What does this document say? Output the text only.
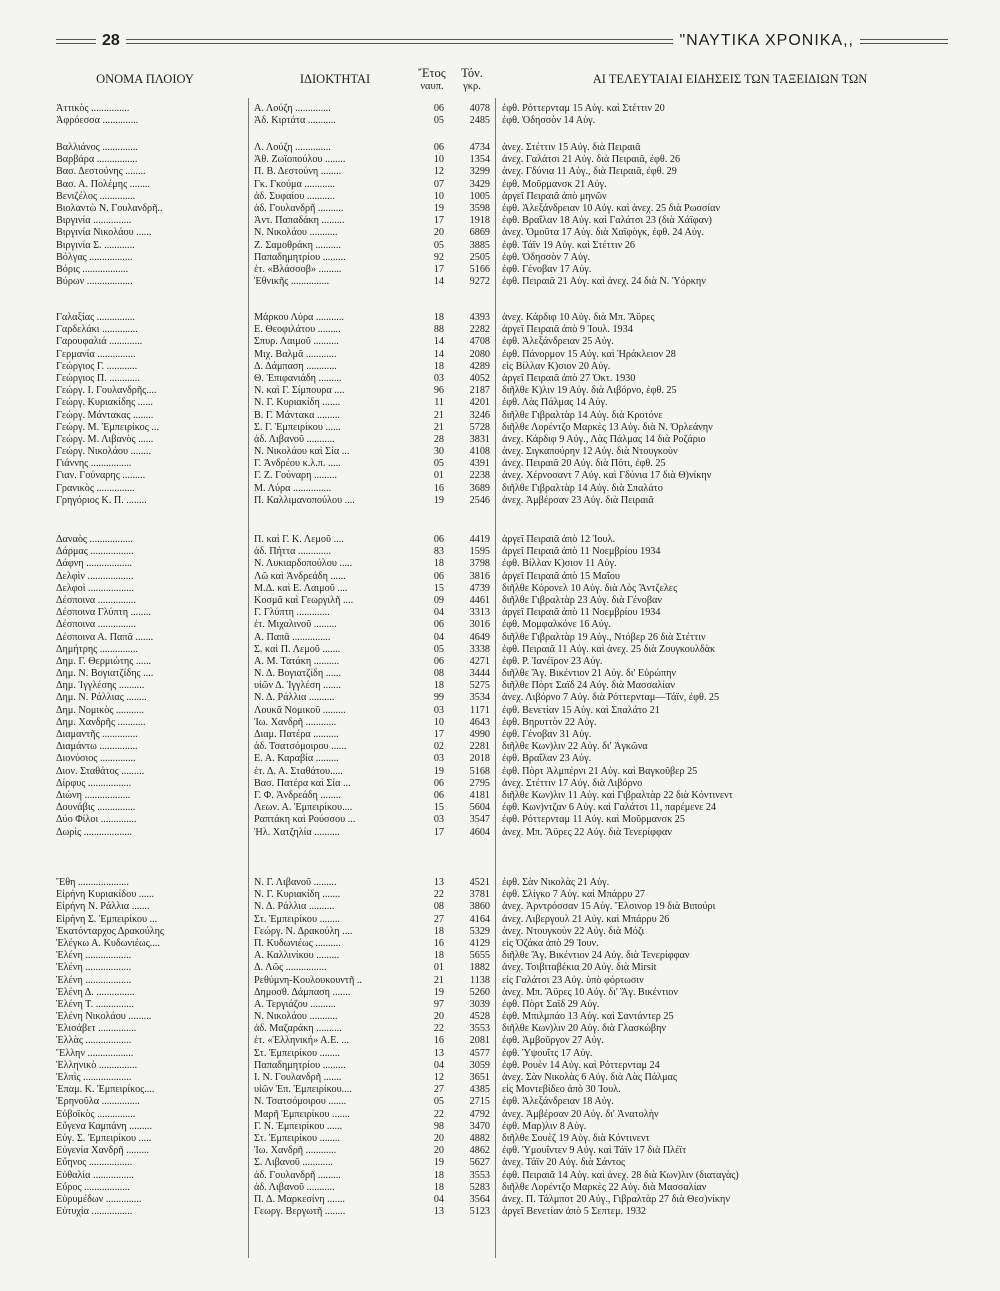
28	"ΝΑΥΤΙΚΑ ΧΡΟΝΙΚΑ,,
ΟΝΟΜΑ ΠΛΟΙΟΥ	ΙΔΙΟΚΤΗΤΑΙ	Ἔτος
ναυπ.
Τόν.
γκρ.
ΑΙ ΤΕΛΕΥΤΑΙΑΙ ΕΙΔΗΣΕΙΣ ΤΩΝ ΤΑΞΕΙΔΙΩΝ ΤΩΝ
Ἀττικὸς ...............	Α. Λούζη ..............	06	4078 ἐφθ. Ρόττερνταμ 15 Αὐγ. καὶ Στέττιν 20
Ἀφρόεσσα ..............	Ἀδ. Κιρτάτα ...........	05	2485 ἐφθ. Ὀδησσὸν 14 Αὐγ.
Βαλλιάνος ..............	Λ. Λούζη ..............	06	4734 ἀνεχ. Στέττιν 15 Αὐγ. διὰ Πειραιᾶ
Βαρβάρα ................	Ἀθ. Ζωϊοπούλου ........	10	1354 ἀνεχ. Γαλάτσι 21 Αὐγ. διὰ Πειραιᾶ, ἐφθ. 26
Βασ. Δεστούνης ........	Π. Β. Δεστούνη ........	12	3299 ἀνεχ. Γδύνια 11 Αὐγ., διὰ Πειραιᾶ, ἐφθ. 29
Βασ. Α. Πολέμης ........	Γκ. Γκούμα ............	07	3429 ἐφθ. Μοῦρμανσκ 21 Αὐγ.
Βενιζέλος ..............	ἀδ. Συφαίου ...........	10	1005 ἀργεῖ Πειραιᾶ ἀπὸ μηνῶν
Βιολαντὼ Ν. Γουλανδρῆ..	ἀδ. Γουλανδρῆ ..........	19	3598 ἐφθ. Ἀλεξάνδρειαν 10 Αὐγ. καὶ ἀνεχ. 25 διὰ Ρωσσίαν
Βιργινία ...............	Ἀντ. Παπαδάκη .........	17	1918 ἐφθ. Βραΐλαν 18 Αὐγ. καὶ Γαλάτσι 23 (διὰ Χάϊφαν)
Βιργινία Νικολάου ......	Ν. Νικολάου ...........	20	6869 ἀνεχ. Ὀμοῦτα 17 Αὐγ. διὰ Χαϊφὸγκ, ἐφθ. 24 Αὐγ.
Βιργινία Σ. ............	Ζ. Σαμοθράκη ..........	05	3885 ἐφθ. Τάϊν 19 Αὐγ. καὶ Στέττιν 26
Βόλγας .................	Παπαδημητρίου .........	92	2505 ἐφθ. Ὀδησσὸν 7 Αὐγ.
Βόρις ..................	ἑτ. «Βλάσσοβ» .........	17	5166 ἐφθ. Γένοβαν 17 Αὐγ.
Βύρων ..................	Ἐθνικῆς ...............	14	9272 ἐφθ. Πειραιᾶ 21 Αὐγ. καὶ ἀνεχ. 24 διὰ Ν. Ὑόρκην
Γαλαξίας ...............	Μάρκου Λύρα ...........	18	4393 ἀνεχ. Κάρδιφ 10 Αὐγ. διὰ Μπ. Ἄϋρες
Γαρδελάκι ..............	Ε. Θεοφιλάτου .........	88	2282 ἀργεῖ Πειραιᾶ ἀπὸ 9 Ἰουλ. 1934
Γαρουφαλιά .............	Σπυρ. Λαιμοῦ ..........	14	4708 ἐφθ. Ἀλεξάνδρειαν 25 Αὐγ.
Γερμανία ...............	Μιχ. Βαλμᾶ ............	14	2080 ἐφθ. Πάνορμον 15 Αὐγ. καὶ Ἡράκλειον 28
Γεώργιος Γ. ............	Δ. Δάμπαση ............	18	4289 εἰς Βίλλαν Κ)σιον 20 Αὐγ.
Γεώργιος Π. ............	Θ. Ἐπιφανιάδη .........	03	4052 ἀργεῖ Πειραιᾶ ἀπὸ 27 Ὀκτ. 1930
Γεώργ. Ι. Γουλανδρῆς....	Ν. καὶ Γ. Σίμπουρα ....	96	2187 διῆλθε Κ)λιν 19 Αὐγ. διὰ Λιβόρνο, ἐφθ. 25
Γεώργ. Κυριακίδης ......	Ν. Γ. Κυριακίδη .......	11	4201 ἐφθ. Λὰς Πάλμας 14 Αὐγ.
Γεώργ. Μάντακας ........	Β. Γ. Μάντακα .........	21	3246 διῆλθε Γιβραλτὰρ 14 Αὐγ. διὰ Κροτόνε
Γεώργ. Μ. Ἐμπειρίκος ...	Σ. Γ. Ἐμπειρίκου ......	21	5728 διῆλθε Λορέντζο Μαρκὲς 13 Αὐγ. διὰ Ν. Ὀρλεάνην
Γεώργ. Μ. Λιβανὸς ......	ἀδ. Λιβανοῦ ...........	28	3831 ἀνεχ. Κάρδιφ 9 Αὐγ., Λὰς Πάλμας 14 διὰ Ροζάριο
Γεώργ. Νικολάου ........	Ν. Νικολάου καὶ Σία ...	30	4108 ἀνεχ. Σιγκαπούρην 12 Αὐγ. διὰ Ντουγκοὺν
Γιάννης ................	Γ. Ἀνδρέου κ.λ.π. .....	05	4391 ἀνεχ. Πειραιᾶ 20 Αὐγ. διὰ Πότι, ἐφθ. 25
Γιαν. Γούναρης .........	Γ. Ζ. Γούναρη .........	01	2238 ἀνεχ. Χέρνοσαντ 7 Αὐγ. καὶ Γδύνια 17 διὰ Θ)νίκην
Γρανικὸς ...............	Μ. Λύρα ...............	16	3689 διῆλθε Γιβραλτὰρ 14 Αὐγ. διὰ Σπαλάτο
Γρηγόριος Κ. Π. ........	Π. Καλλιμανοπούλου ....	19	2546 ἀνεχ. Ἀμβέρσαν 23 Αὐγ. διὰ Πειραιᾶ
Δαναὸς .................	Π. καὶ Γ. Κ. Λεμοῦ ....	06	4419 ἀργεῖ Πειραιᾶ ἀπὸ 12 Ἰουλ.
Δάρμας .................	ἀδ. Πήττα .............	83	1595 ἀργεῖ Πειραιᾶ ἀπὸ 11 Νοεμβρίου 1934
Δάφνη ..................	Ν. Λυκιαρδοπούλου .....	18	3798 ἐφθ. Βίλλαν Κ)σιον 11 Αὐγ.
Δελφὶν ..................	Λῶ καὶ Ἀνδρεάδη ......	06	3816 ἀργεῖ Πειραιᾶ ἀπὸ 15 Μαΐου
Δελφοὶ ..................	Μ.Δ. καὶ Ε. Λαιμοῦ ....	15	4739 διῆλθε Κόρονελ 10 Αὐγ. διὰ Λὸς Ἄντζελες
Δέσποινα ...............	Κοσμᾶ καὶ Γεωργιλῆ ....	09	4461 διῆλθε Γιβραλτὰρ 23 Αὐγ. διὰ Γένοβαν
Δέσποινα Γλύπτη ........	Γ. Γλύπτη .............	04	3313 ἀργεῖ Πειραιᾶ ἀπὸ 11 Νοεμβρίου 1934
Δέσποινα ...............	ἑτ. Μιχαλινοῦ .........	06	3016 ἐφθ. Μομφαλκόνε 16 Αὐγ.
Δέσποινα Α. Παπᾶ .......	Α. Παπᾶ ...............	04	4649 διῆλθε Γιβραλτὰρ 19 Αὐγ., Ντόβερ 26 διὰ Στέττιν
Δημήτρης ...............	Σ. καὶ Π. Λεμοῦ .......	05	3338 ἐφθ. Πειραιᾶ 11 Αὐγ. καὶ ἀνεχ. 25 διὰ Ζουγκουλδὰκ
Δημ. Γ. Θερμιώτης ......	Α. Μ. Τατάκη ..........	06	4271 ἐφθ. Ρ. Ἰανέϊρον 23 Αὐγ.
Δημ. Ν. Βογιατζίδης ....	Ν. Δ. Βογιατζίδη ......	08	3444 διῆλθε Ἅγ. Βικέντιον 21 Αὐγ. δι' Εὐρώπην
Δημ. Ἰγγλέσης ..........	υἱῶν Δ. Ἰγγλέση .......	18	5275 διῆλθε Πὸρτ Σαϊδ 24 Αὐγ. διὰ Μασσαλίαν
Δημ. Ν. Ράλλιας ........	Ν. Δ. Ράλλια ..........	99	3534 ἀνεχ. Λιβόρνο 7 Αὐγ. διὰ Ρόττερνταμ—Τάϊν, ἐφθ. 25
Δημ. Νομικὸς ...........	Λουκᾶ Νομικοῦ .........	03	1171 ἐφθ. Βενετίαν 15 Αὐγ. καὶ Σπαλάτο 21
Δημ. Χανδρῆς ...........	Ἰω. Χανδρῆ ............	10	4643 ἐφθ. Βηρυττὸν 22 Αὐγ.
Διαμαντῆς ..............	Διαμ. Πατέρα ..........	17	4990 ἐφθ. Γένοβαν 31 Αὐγ.
Διαμάντω ...............	ἀδ. Τσατσόμοιρου ......	02	2281 διῆλθε Κων)λιν 22 Αὐγ. δι' Ἀγκῶνα
Διονύσιος ..............	Ε. Α. Καραβία .........	03	2018 ἐφθ. Βραΐλαν 23 Αὐγ.
Διον. Σταθάτος .........	ἑτ. Δ. Α. Σταθάτου.....	19	5168 ἐφθ. Πὸρτ Ἀλμπέρνι 21 Αὐγ. καὶ Βαγκοῦβερ 25
Δίρφυς .................	Βασ. Πατέρα καὶ Σία ...	06	2795 ἀνεχ. Στέττιν 17 Αὐγ. διὰ Λιβόρνο
Διώνη ..................	Γ. Φ. Ἀνδρεάδη ........	06	4181 διῆλθε Κων)λιν 11 Αὐγ. καὶ Γιβραλτὰρ 22 διὰ Κόντινεντ
Δουνάβις ...............	Λεων. Α. Ἐμπειρίκου....	15	5604 ἐφθ. Κων)ντζαν 6 Αὐγ. καὶ Γαλάτσι 11, παρέμενε 24
Δύο Φίλοι ..............	Ραπτάκη καὶ Ρούσσου ...	03	3547 ἐφθ. Ρόττερνταμ 11 Αὐγ. καὶ Μοῦρμανσκ 25
Δωρὶς ...................	Ἠλ. Χατζηλία ..........	17	4604 ἀνεχ. Μπ. Ἄϋρες 22 Αὐγ. διὰ Τενερίφφαν
Ἔθη ....................	Ν. Γ. Λιβανοῦ .........	13	4521 ἐφθ. Σὰν Νικολὰς 21 Αὐγ.
Εἰρήνη Κυριακίδου ......	Ν. Γ. Κυριακίδη .......	22	3781 ἐφθ. Σλίγκο 7 Αὐγ. καὶ Μπάρρυ 27
Εἰρήνη Ν. Ράλλια .......	Ν. Δ. Ράλλια ..........	08	3860 ἀνεχ. Ἀρντρόσσαν 15 Αὐγ. Ἔλσινορ 19 διὰ Βιπούρι
Εἰρήνη Σ. Ἐμπειρίκου ...	Στ. Ἐμπειρίκου ........	27	4164 ἀνεχ. Λιβεργουλ 21 Αὐγ. καὶ Μπάρρυ 26
Ἑκατόνταρχος Δρακούλης	Γεώργ. Ν. Δρακούλη ....	18	5329 ἀνεχ. Ντουγκοὺν 22 Αὐγ. διὰ Μόζι
Ἑλέγκω Α. Κυδωνιέως....	Π. Κυδωνιέως ..........	16	4129 εἰς Ὀζάκα ἀπὸ 29 Ἰουν.
Ἑλένη ..................	Α. Καλλινίκου .........	18	5655 διῆλθε Ἅγ. Βικέντιον 24 Αὐγ. διὰ Τενερίφφαν
Ἑλένη ..................	Δ. Λῶς ................	01	1882 ἀνεχ. Τσιβιταβέκια 20 Αὐγ. διὰ Mirsit
Ἑλένη ..................	Ρεθύμνη-Κουλουκουντῆ ..	21	1138 εἰς Γαλάτσι 23 Αὐγ. ὑπὸ φόρτωσιν
Ἑλένη Δ. ...............	Δημοσθ. Δάμπαση .......	19	5260 ἀνεχ. Μπ. Ἄϋρες 10 Αὐγ. δι' Ἅγ. Βικέντιον
Ἑλένη Τ. ...............	Α. Τεργιάζου ..........	97	3039 ἐφθ. Πὸρτ Σαϊδ 29 Αὐγ.
Ἑλένη Νικολάου .........	Ν. Νικολάου ...........	20	4528 ἐφθ. Μπιλμπάο 13 Αὐγ. καὶ Σαντάντερ 25
Ἐλισάβετ ...............	ἀδ. Μαζαράκη ..........	22	3553 διῆλθε Κων)λιν 20 Αὐγ. διὰ Γλασκώβην
Ἑλλὰς ..................	ἑτ. «Ἑλληνική» Α.Ε. ...	16	2081 ἐφθ. Ἀμβοῦργον 27 Αὐγ.
Ἕλλην ..................	Στ. Ἐμπειρίκου ........	13	4577 ἐφθ. Ὑψουΐτς 17 Αὐγ.
Ἑλληνικὸ ...............	Παπαδημητρίου .........	04	3059 ἐφθ. Ρουὲν 14 Αὐγ. καὶ Ρόττερνταμ 24
Ἐλπὶς ...................	Ι. Ν. Γουλανδρῆ .......	12	3651 ἀνεχ. Σὰν Νικολὰς 6 Αὐγ. διὰ Λὰς Πάλμας
Ἐπαμ. Κ. Ἐμπειρίκος....	υἱῶν Ἐπ. Ἐμπειρίκου....	27	4385 εἰς Μοντεβίδεο ἀπὸ 30 Ἰουλ.
Ἐρηνοῦλα ...............	Ν. Τσατσόμοιρου .......	05	2715 ἐφθ. Ἀλεξάνδρειαν 18 Αὐγ.
Εὐβοϊκὸς ...............	Μαρῆ Ἐμπειρίκου .......	22	4792 ἀνεχ. Ἀμβέρσαν 20 Αὐγ. δι' Ἀνατολὴν
Εὔγενα Καμπάνη .........	Γ. Ν. Ἐμπειρίκου ......	98	3470 ἐφθ. Μαρ)λιν 8 Αὐγ.
Εὐγ. Σ. Ἐμπειρίκου .....	Στ. Ἐμπειρίκου ........	20	4882 διῆλθε Σουὲζ 19 Αὐγ. διὰ Κόντινεντ
Εὐγενία Χανδρῆ .........	Ἰω. Χανδρῆ ............	20	4862 ἐφθ. Ὑμουΐντεν 9 Αὐγ. καὶ Τάϊν 17 διὰ Πλέϊτ
Εὔηνος .................	Σ. Λιβανοῦ ............	19	5627 ἀνεχ. Τάϊν 20 Αὐγ. διὰ Σάντος
Εὐθαλία ................	ἀδ. Γουλανδρῆ .........	18	3553 ἐφθ. Πειραιᾶ 14 Αὐγ. καὶ ἀνεχ. 28 διὰ Κων)λιν (διαταγὰς)
Εὖρος ..................	ἀδ. Λιβανοῦ ...........	18	5283 διῆλθε Λορέντζο Μαρκὲς 22 Αὐγ. διὰ Μασσαλίαν
Εὐρυμέδων ..............	Π. Δ. Μαρκεσίνη .......	04	3564 ἀνεχ. Π. Τάλμποτ 20 Αὐγ., Γιβραλτὰρ 27 διὰ Θεσ)νίκην
Εὐτυχία ................	Γεωργ. Βεργωτῆ ........	13	5123 ἀργεῖ Βενετίαν ἀπὸ 5 Σεπτεμ. 1932
